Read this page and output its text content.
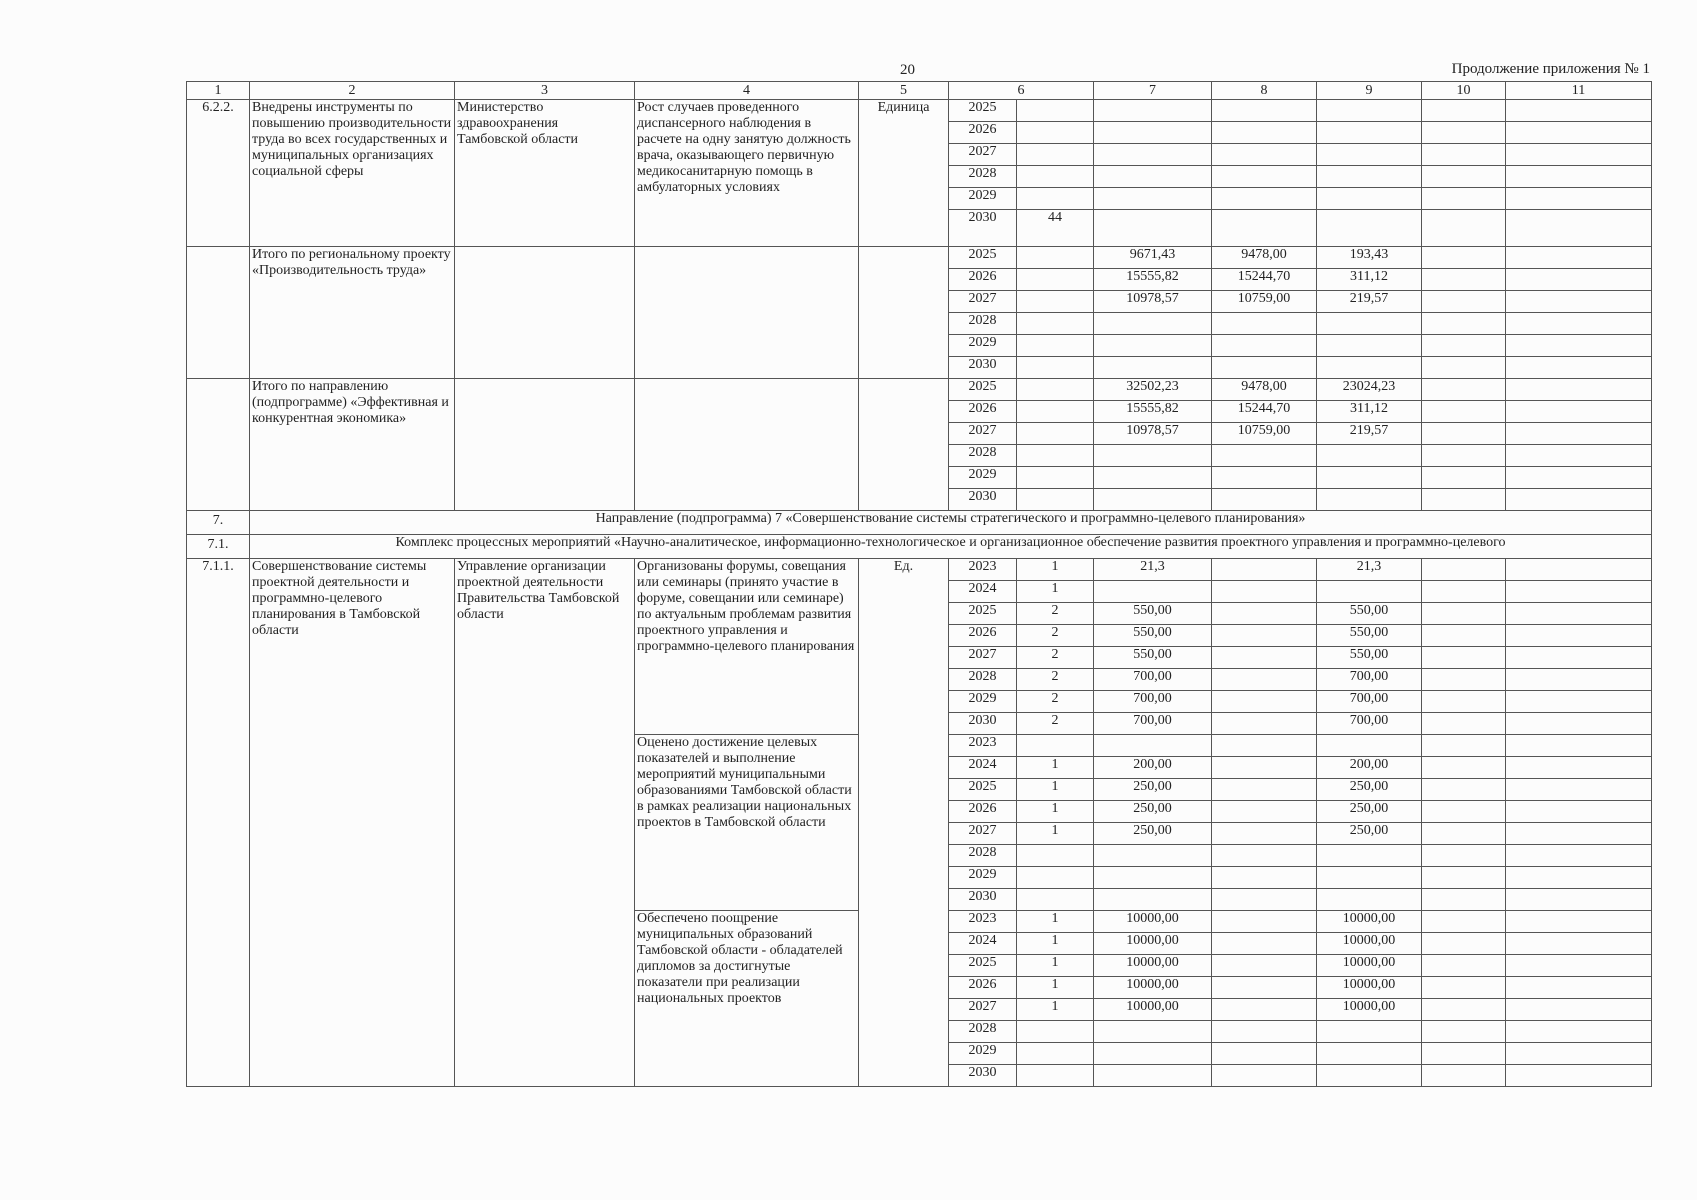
20	Продолжение приложения № 1
1	2	3	4	5	6		7	8	9	10	11
6.2.2.	Внедрены инструменты по повышению производительности труда во всех государственных и муниципальных организациях социальной сферы	Министерство здравоохранения Тамбовской области	Рост случаев проведенного диспансерного наблюдения в расчете на одну занятую должность врача, оказывающего первичную медикосанитарную помощь в амбулаторных условиях	Единица	2025						
					2026						
					2027						
					2028						
					2029						
					2030	44					
	Итого по региональному проекту «Производительность труда»				2025		9671,43	9478,00	193,43		
					2026		15555,82	15244,70	311,12		
					2027		10978,57	10759,00	219,57		
					2028						
					2029						
					2030						
	Итого по направлению (подпрограмме) «Эффективная и конкурентная экономика»				2025		32502,23	9478,00	23024,23		
					2026		15555,82	15244,70	311,12		
					2027		10978,57	10759,00	219,57		
					2028						
					2029						
					2030						
7.	Направление (подпрограмма) 7 «Совершенствование системы стратегического и программно-целевого планирования»										
7.1.	Комплекс процессных мероприятий «Научно-аналитическое, информационно-технологическое и организационное обеспечение развития проектного управления и программно-целевого										
7.1.1.	Совершенствование системы проектной деятельности и программно-целевого планирования в Тамбовской области	Управление организации проектной деятельности Правительства Тамбовской области	Организованы форумы, совещания или семинары (принято участие в форуме, совещании или семинаре) по актуальным проблемам развития проектного управления и программно-целевого планирования	Ед.	2023	1	21,3		21,3		
					2024	1					
					2025	2	550,00		550,00		
					2026	2	550,00		550,00		
					2027	2	550,00		550,00		
					2028	2	700,00		700,00		
					2029	2	700,00		700,00		
					2030	2	700,00		700,00		
			Оценено достижение целевых показателей и выполнение мероприятий муниципальными образованиями Тамбовской области в рамках реализации национальных проектов в Тамбовской области		2023						
					2024	1	200,00		200,00		
					2025	1	250,00		250,00		
					2026	1	250,00		250,00		
					2027	1	250,00		250,00		
					2028						
					2029						
					2030						
			Обеспечено поощрение муниципальных образований Тамбовской области - обладателей дипломов за достигнутые показатели при реализации национальных проектов		2023	1	10000,00		10000,00		
					2024	1	10000,00		10000,00		
					2025	1	10000,00		10000,00		
					2026	1	10000,00		10000,00		
					2027	1	10000,00		10000,00		
					2028						
					2029						
					2030						
